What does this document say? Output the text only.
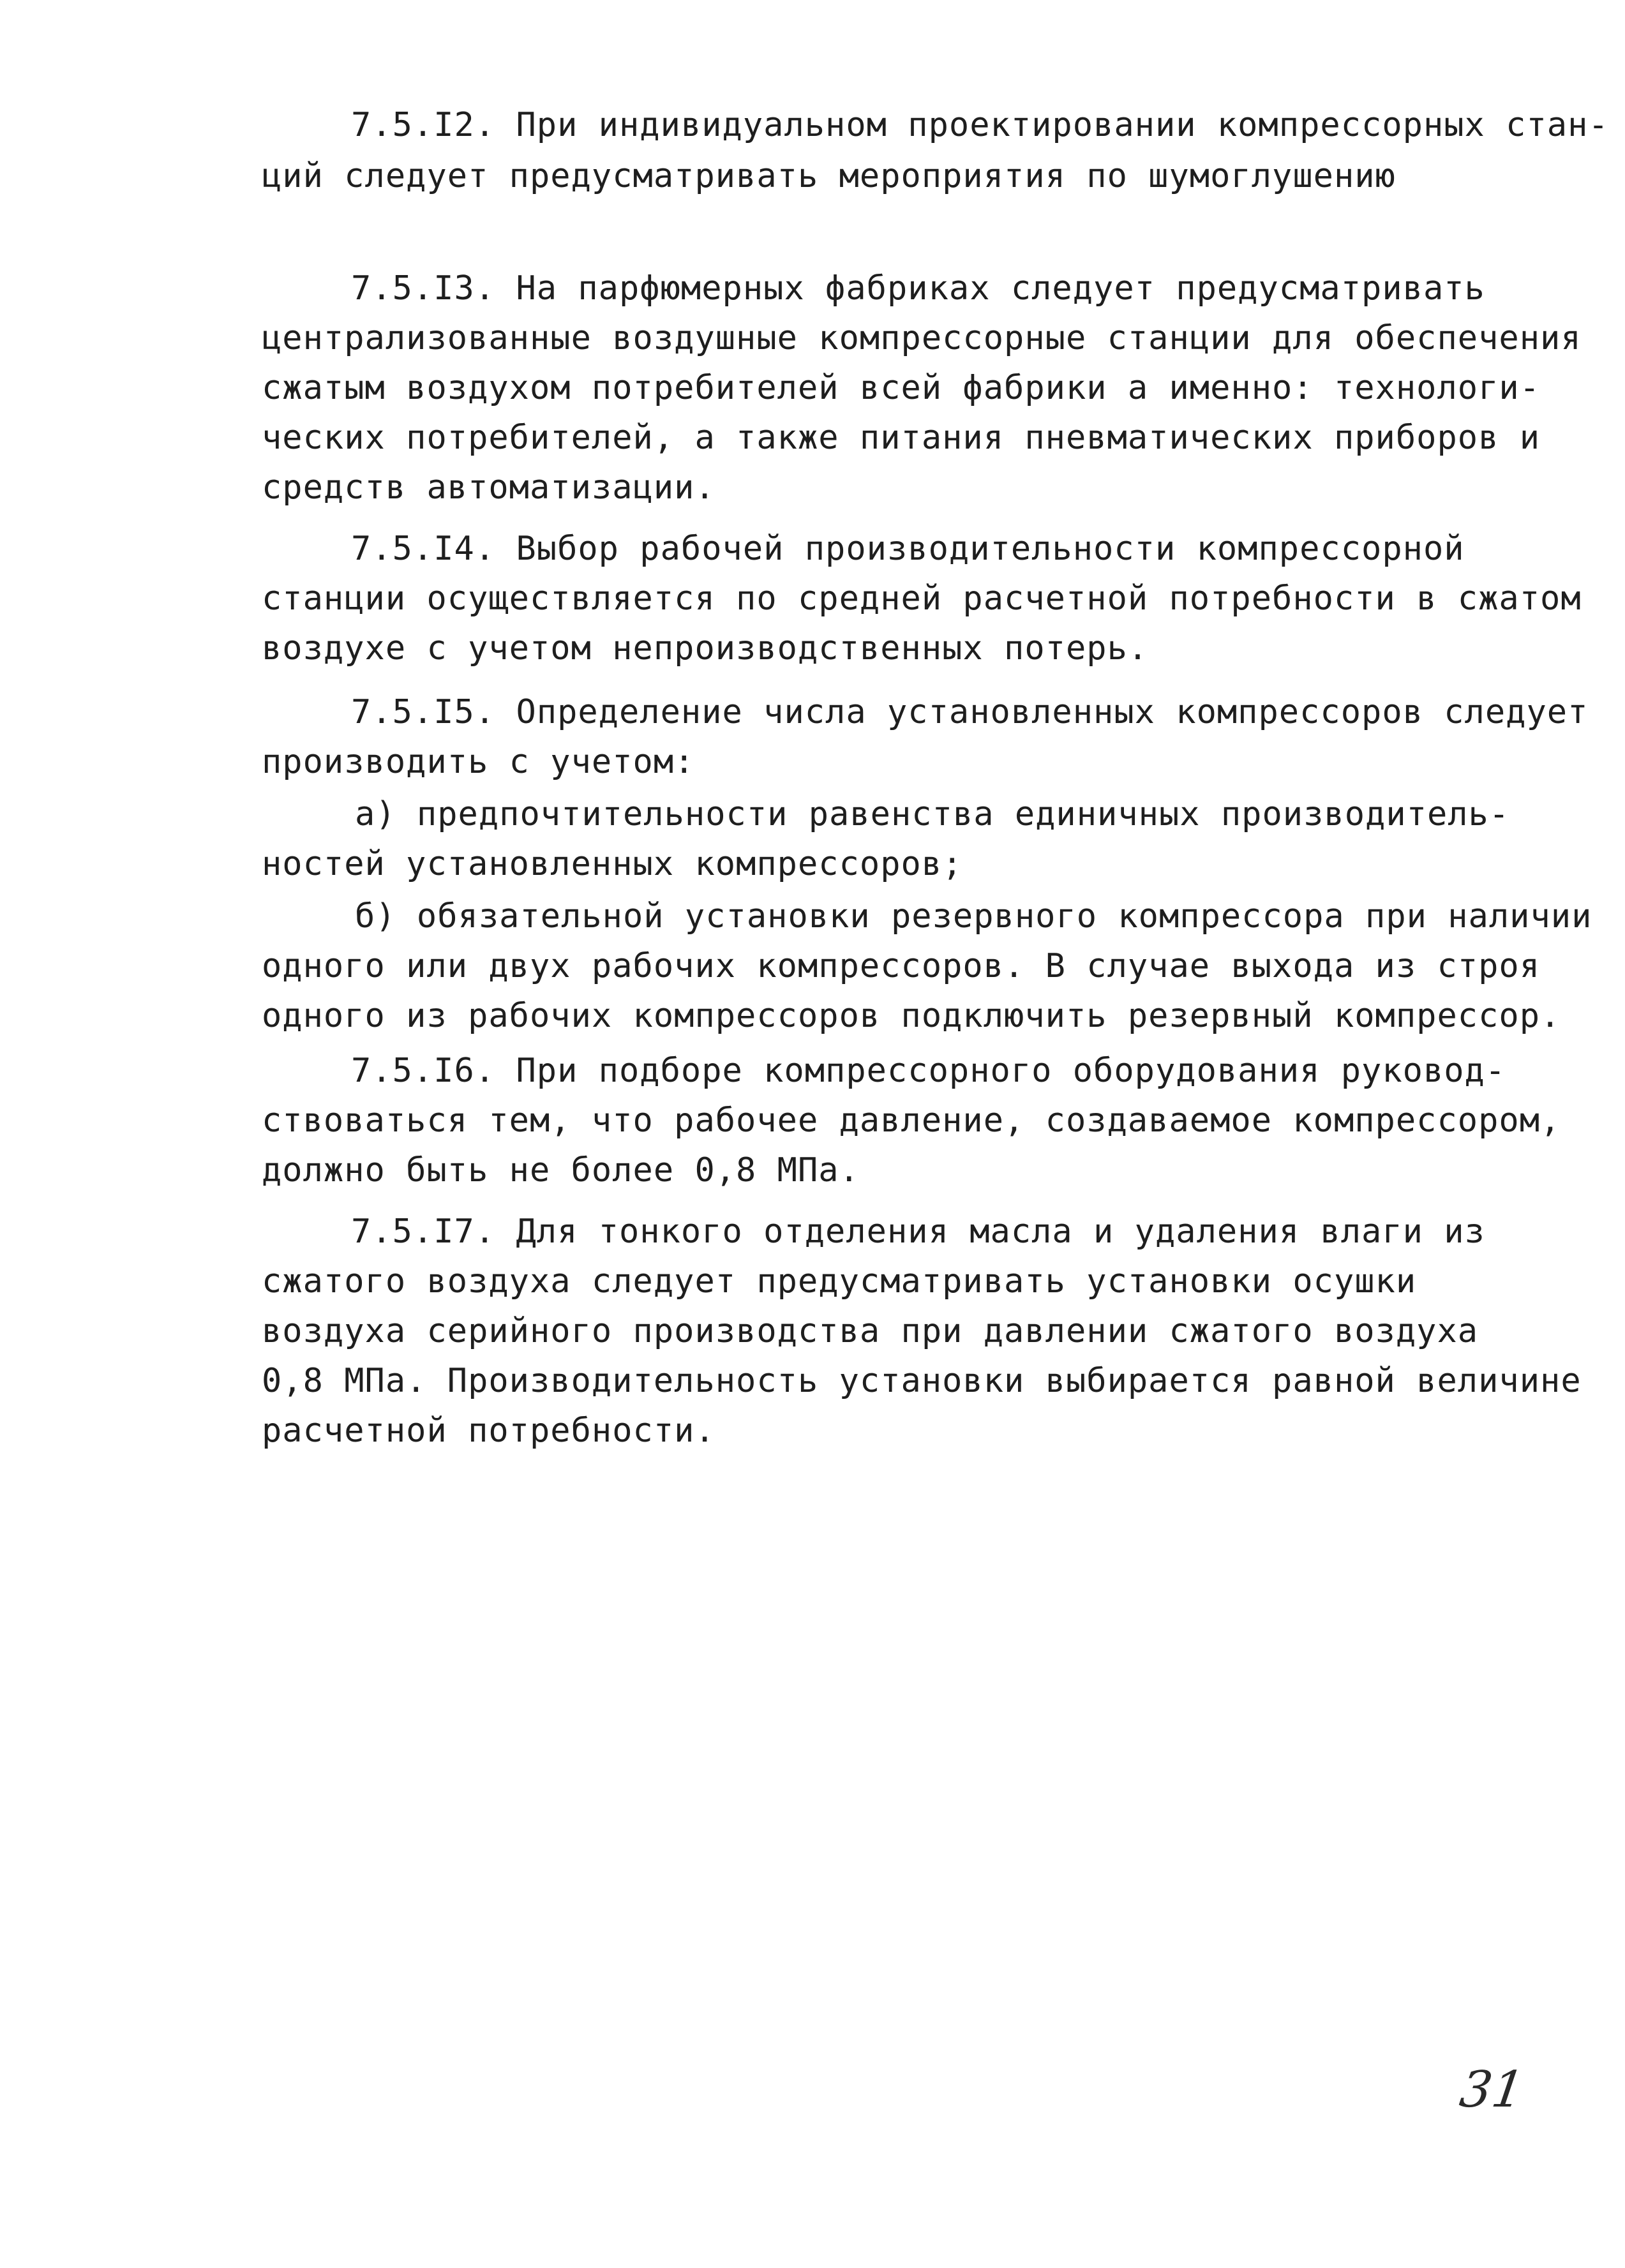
7.5.I2. При индивидуальном проектировании компрессорных стан-
ций следует предусматривать мероприятия по шумоглушению
7.5.I3. На парфюмерных фабриках следует предусматривать
централизованные воздушные компрессорные станции для обеспечения
сжатым воздухом потребителей всей фабрики а именно: технологи-
ческих потребителей, а также питания пневматических приборов и
средств автоматизации.
7.5.I4. Выбор рабочей производительности компрессорной
станции осуществляется по средней расчетной потребности в сжатом
воздухе с учетом непроизводственных потерь.
7.5.I5. Определение числа установленных компрессоров следует
производить с учетом:
а) предпочтительности равенства единичных производитель-
ностей установленных компрессоров;
б) обязательной установки резервного компрессора при наличии
одного или двух рабочих компрессоров. В случае выхода из строя
одного из рабочих компрессоров подключить резервный компрессор.
7.5.I6. При подборе компрессорного оборудования руковод-
ствоваться тем, что рабочее давление, создаваемое компрессором,
должно быть не более 0,8 МПа.
7.5.I7. Для тонкого отделения масла и удаления влаги из
сжатого воздуха следует предусматривать установки осушки
воздуха серийного производства при давлении сжатого воздуха
0,8 МПа. Производительность установки выбирается равной величине
расчетной потребности.
31
